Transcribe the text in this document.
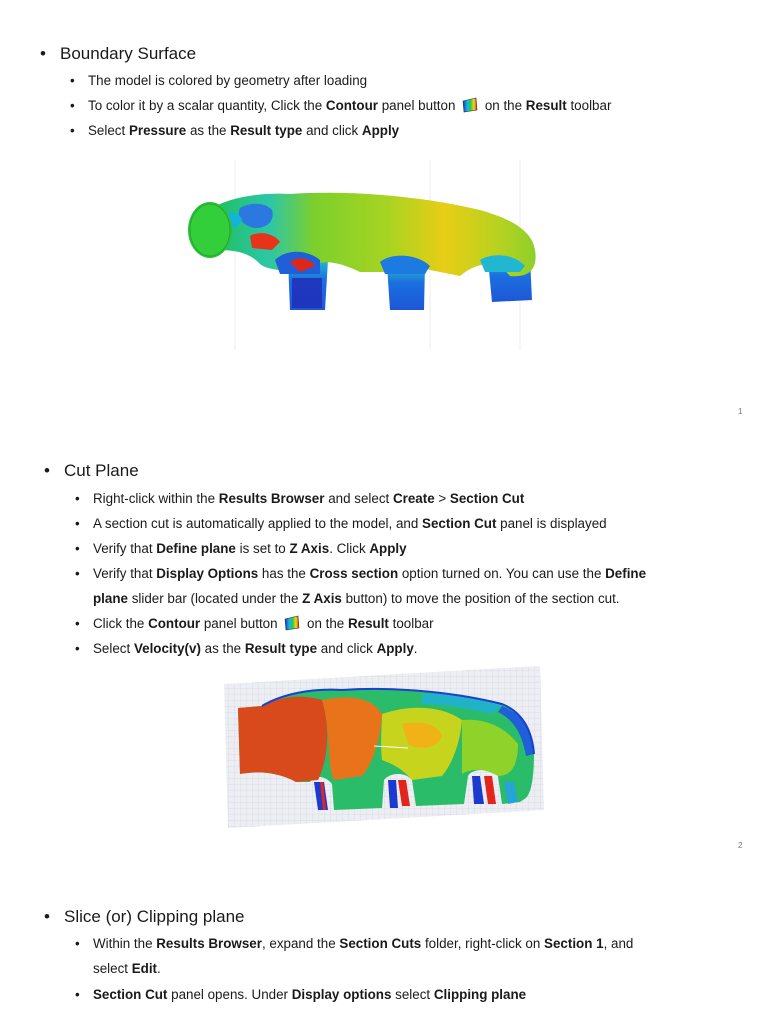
• Boundary Surface
• The model is colored by geometry after loading
• To color it by a scalar quantity, Click the Contour panel button
on the Result toolbar
• Select Pressure as the Result type and click Apply
1
• Cut Plane
• Right-click within the Results Browser and select Create > Section Cut
• A section cut is automatically applied to the model, and Section Cut panel is displayed
• Verify that Define plane is set to Z Axis. Click Apply
• Verify that Display Options has the Cross section option turned on. You can use the Define
plane slider bar (located under the Z Axis button) to move the position of the section cut.
• Click the Contour panel button
on the Result toolbar
• Select Velocity(v) as the Result type and click Apply.
2
• Slice (or) Clipping plane
• Within the Results Browser, expand the Section Cuts folder, right-click on Section 1, and
select Edit.
• Section Cut panel opens. Under Display options select Clipping plane
